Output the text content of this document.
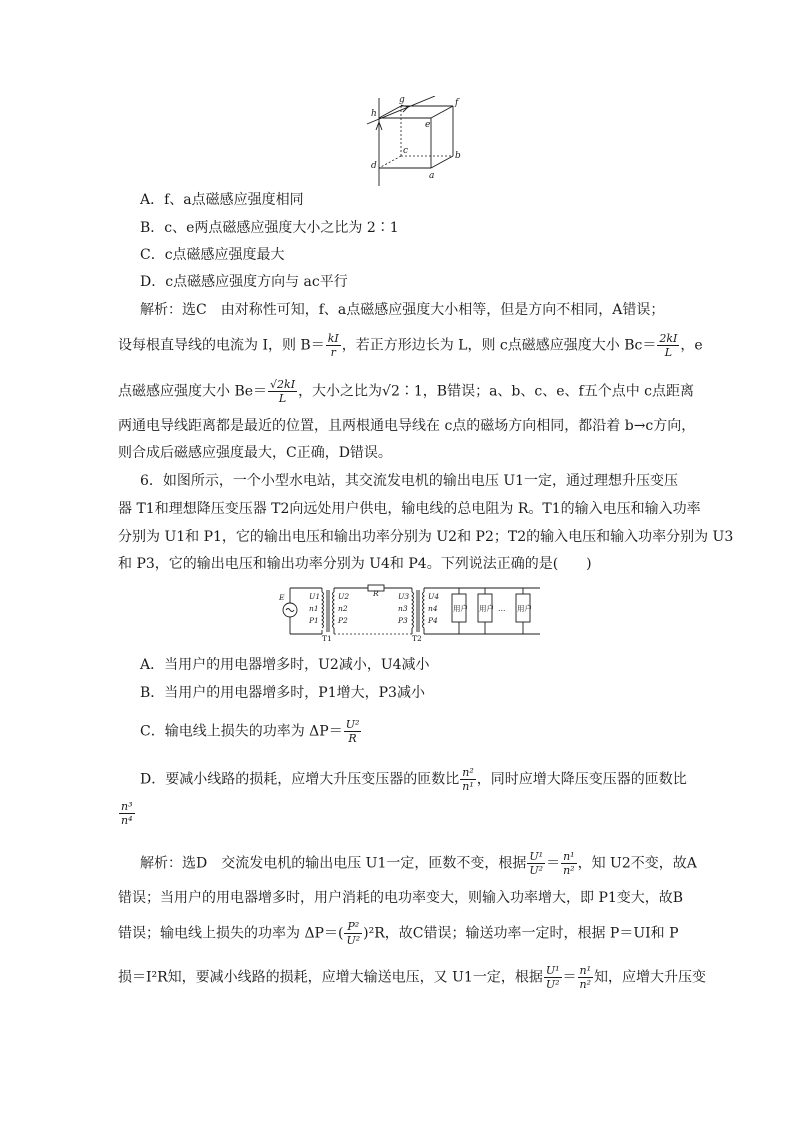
h
g	f
e
c	b
d
a
A．f、a点磁感应强度相同
B．c、e两点磁感应强度大小之比为 2∶1
C．c点磁感应强度最大
D．c点磁感应强度方向与 ac平行
解析：选C　由对称性可知，f、a点磁感应强度大小相等，但是方向不相同，A错误；
设每根直导线的电流为 I，则 $B= \frac{kI}{r}$ ，若正方形边长为 L，则 c点磁感应强度大小 $Bc= \frac{2kI}{L}$ ，e
点磁感应强度大小 $Be= \frac{√2kI}{L}$ ，大小之比为√2∶1，B错误；a、b、c、e、f五个点中 c点距离
两通电导线距离都是最近的位置，且两根通电导线在 c点的磁场方向相同，都沿着 b→c方向，
则合成后磁感应强度最大，C正确，D错误。
6．如图所示，一个小型水电站，其交流发电机的输出电压 U1一定，通过理想升压变压
器 T1和理想降压变压器 T2向远处用户供电，输电线的总电阻为 R。T1的输入电压和输入功率
分别为 U1和 P1，它的输出电压和输出功率分别为 U2和 P2；T2的输入电压和输入功率分别为 U3
和 P3，它的输出电压和输出功率分别为 U4和 P4。下列说法正确的是(　　)
E	U1
n1
P1
U2
n2
P2
R	U3
n3
P3
U4
n4
P4
T1	T2
用户 用户 … 用户
A．当用户的用电器增多时，U2减小，U4减小
B．当用户的用电器增多时，P1增大，P3减小
C．输电线上损失的功率为 $\Delta P= \frac{\text{U²}}{R}$
D．要减小线路的损耗，应增大升压变压器的匝数比 $\frac{\text{n²}}{\text{n¹}}$ ，同时应增大降压变压器的匝数比
$\frac{\text{n³}}{\text{n⁴}}$
解析：选D　交流发电机的输出电压 U1一定，匝数不变，根据 $\frac{\text{U¹}}{\text{U²}} = \frac{\text{n¹}}{\text{n²}}$ ，知 U2不变，故A
错误；当用户的用电器增多时，用户消耗的电功率变大，则输入功率增大，即 P1变大，故B
错误；输电线上损失的功率为 $\Delta P=( \frac{\text{P²}}{\text{U²}} )^2R$，故C错误；输送功率一定时，根据 P＝UI和 P
损＝I²R知，要减小线路的损耗，应增大输送电压，又 U1一定，根据 $\frac{\text{U¹}}{\text{U²}} = \frac{\text{n¹}}{\text{n²}}$ 知，应增大升压变
